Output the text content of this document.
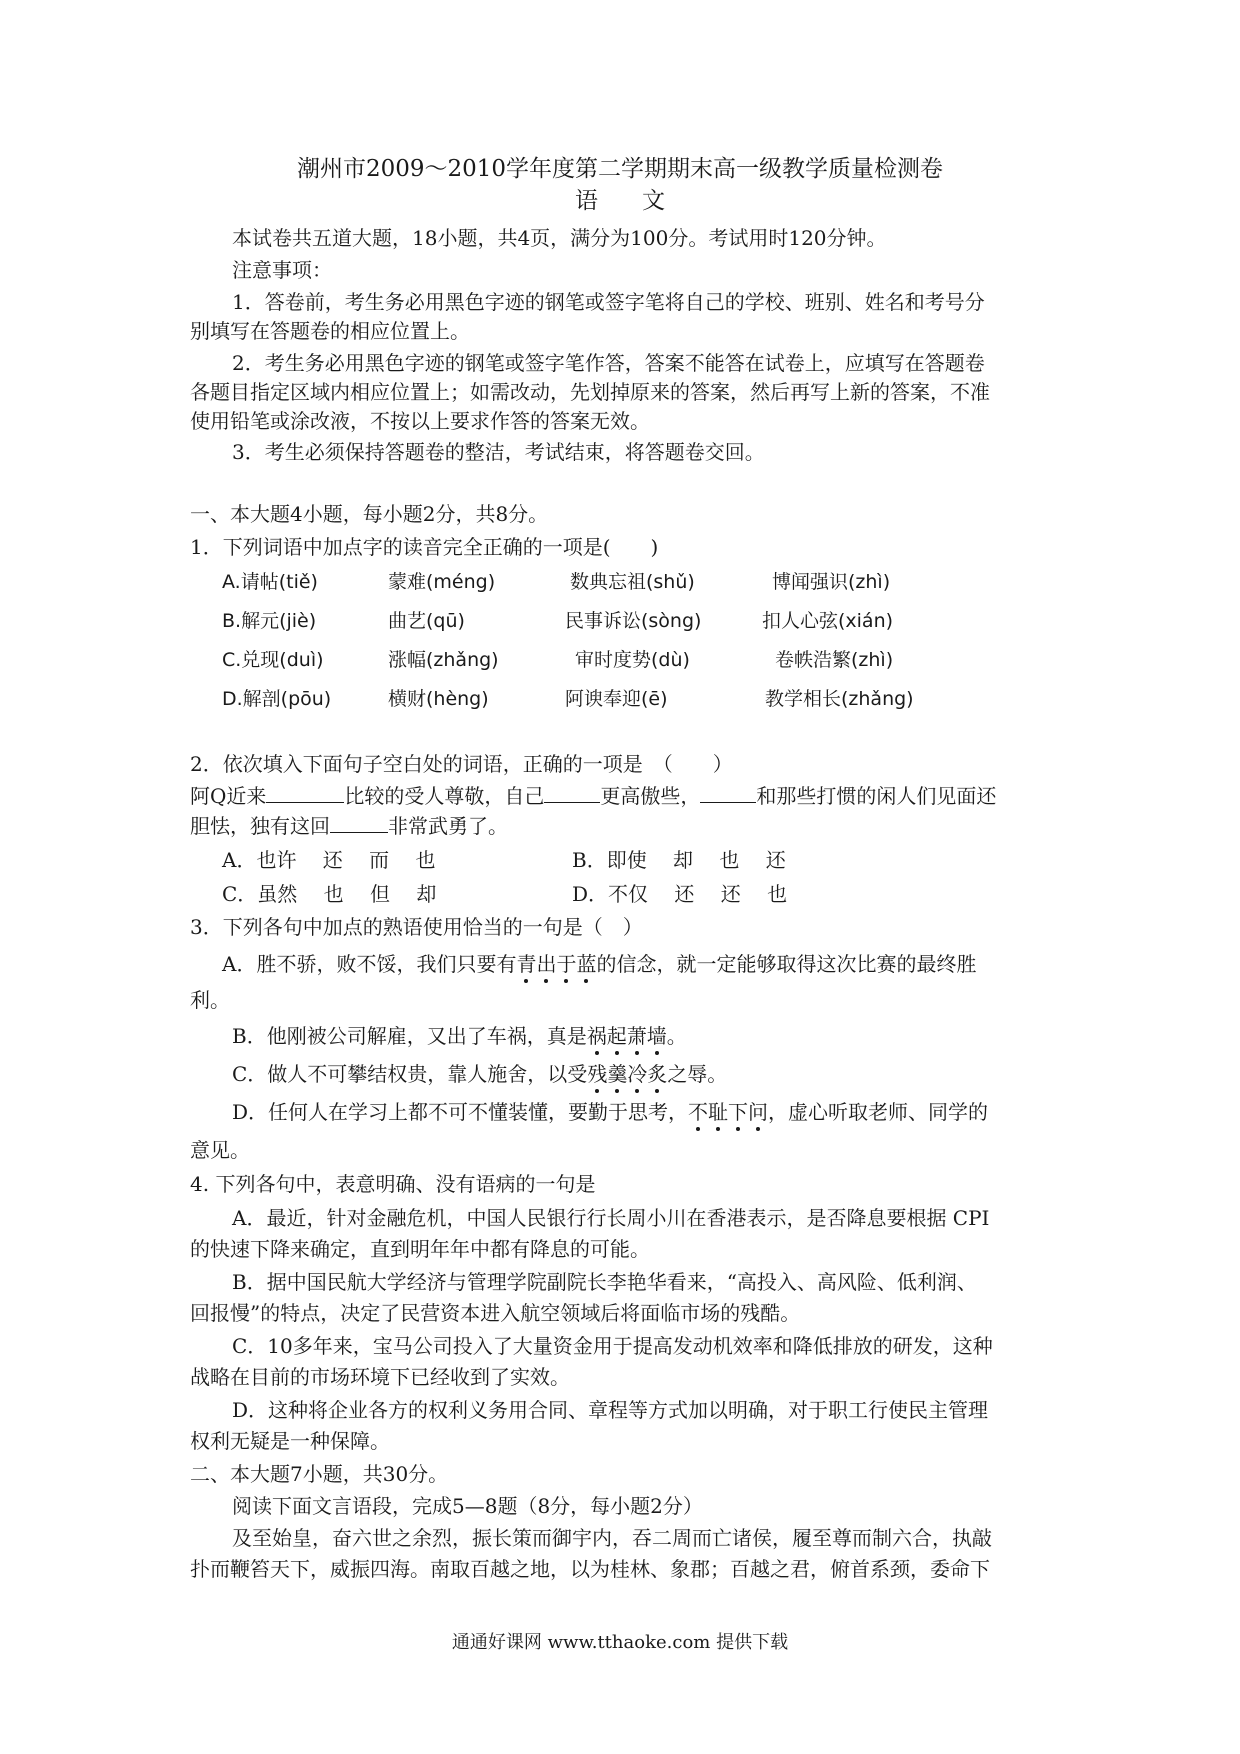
潮州市2009～2010学年度第二学期期末高一级教学质量检测卷
语文
本试卷共五道大题，18小题，共4页，满分为100分。考试用时120分钟。
注意事项：
1．答卷前，考生务必用黑色字迹的钢笔或签字笔将自己的学校、班别、姓名和考号分
别填写在答题卷的相应位置上。
2．考生务必用黑色字迹的钢笔或签字笔作答，答案不能答在试卷上，应填写在答题卷
各题目指定区域内相应位置上；如需改动，先划掉原来的答案，然后再写上新的答案，不准
使用铅笔或涂改液，不按以上要求作答的答案无效。
3．考生必须保持答题卷的整洁，考试结束，将答题卷交回。
一、本大题4小题，每小题2分，共8分。
1．下列词语中加点字的读音完全正确的一项是(　　)
A.请帖(tiě)	蒙难(méng)	数典忘祖(shǔ)	博闻强识(zhì)
B.解元(jiè)	曲艺(qū)	民事诉讼(sòng)	扣人心弦(xián)
C.兑现(duì)	涨幅(zhǎng)	审时度势(dù)	卷帙浩繁(zhì)
D.解剖(pōu)	横财(hèng)	阿谀奉迎(ē)	教学相长(zhǎng)
2．依次填入下面句子空白处的词语，正确的一项是　（　　）
阿Q近来	比较的受人尊敬，自己	更高傲些，	和那些打惯的闲人们见面还
胆怯，独有这回	非常武勇了。
A．也许　 还　 而　 也	B．即使　 却　 也　 还
C．虽然　 也　 但　 却	D．不仅　 还　 还　 也
3．下列各句中加点的熟语使用恰当的一句是（　）
A．胜不骄，败不馁，我们只要有青出于蓝的信念，就一定能够取得这次比赛的最终胜
利。
B．他刚被公司解雇，又出了车祸，真是祸起萧墙。
C．做人不可攀结权贵，靠人施舍，以受残羹冷炙之辱。
D．任何人在学习上都不可不懂装懂，要勤于思考，不耻下问，虚心听取老师、同学的
意见。
4. 下列各句中，表意明确、没有语病的一句是
A．最近，针对金融危机，中国人民银行行长周小川在香港表示，是否降息要根据 CPI
的快速下降来确定，直到明年年中都有降息的可能。
B．据中国民航大学经济与管理学院副院长李艳华看来，“高投入、高风险、低利润、
回报慢”的特点，决定了民营资本进入航空领域后将面临市场的残酷。
C．10多年来，宝马公司投入了大量资金用于提高发动机效率和降低排放的研发，这种
战略在目前的市场环境下已经收到了实效。
D．这种将企业各方的权利义务用合同、章程等方式加以明确，对于职工行使民主管理
权利无疑是一种保障。
二、本大题7小题，共30分。
阅读下面文言语段，完成5—8题（8分，每小题2分）
及至始皇，奋六世之余烈，振长策而御宇内，吞二周而亡诸侯，履至尊而制六合，执敲
扑而鞭笞天下，威振四海。南取百越之地，以为桂林、象郡；百越之君，俯首系颈，委命下
通通好课网 www.tthaoke.com 提供下载
